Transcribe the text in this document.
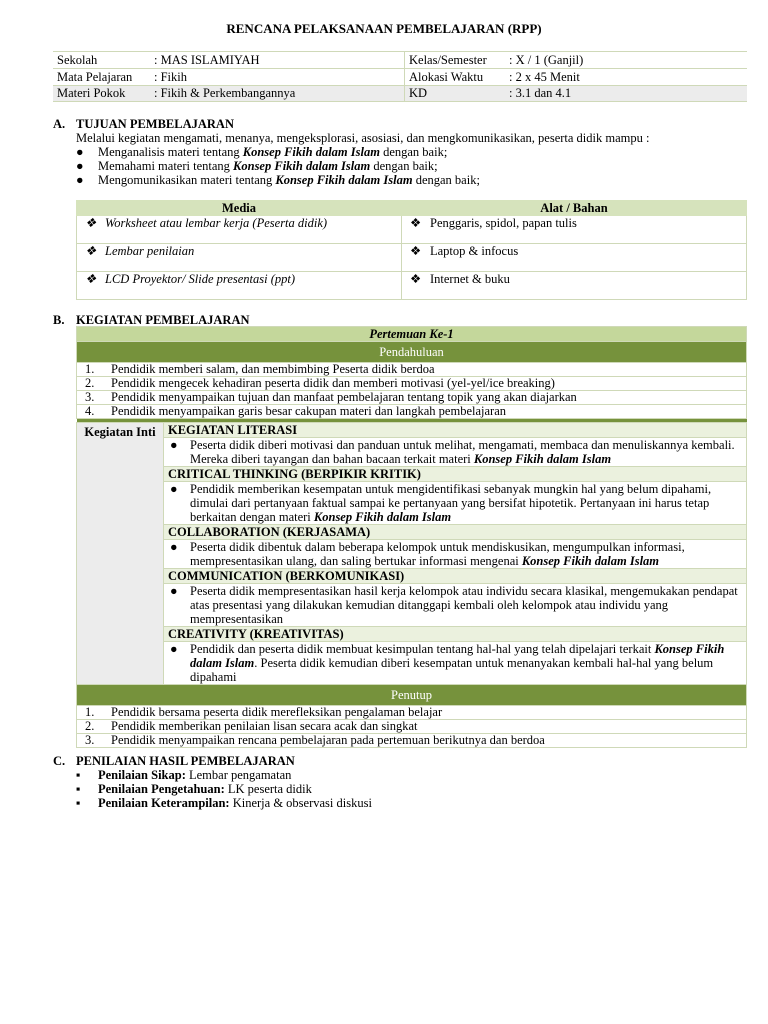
RENCANA PELAKSANAAN PEMBELAJARAN (RPP)
Sekolah	: MAS ISLAMIYAH	Kelas/Semester	: X / 1 (Ganjil)
Mata Pelajaran	: Fikih	Alokasi Waktu	: 2 x 45 Menit
Materi Pokok	: Fikih & Perkembangannya	KD	: 3.1 dan 4.1
A. TUJUAN PEMBELAJARAN
Melalui kegiatan mengamati, menanya, mengeksplorasi, asosiasi, dan mengkomunikasikan, peserta didik mampu :
● Menganalisis materi tentang Konsep Fikih dalam Islam dengan baik;
● Memahami materi tentang Konsep Fikih dalam Islam dengan baik;
● Mengomunikasikan materi tentang Konsep Fikih dalam Islam dengan baik;
Media	Alat / Bahan
❖ Worksheet atau lembar kerja (Peserta didik)	❖ Penggaris, spidol, papan tulis
❖ Lembar penilaian	❖ Laptop & infocus
❖ LCD Proyektor/ Slide presentasi (ppt)	❖ Internet & buku
B. KEGIATAN PEMBELAJARAN
Pertemuan Ke-1
Pendahuluan
1. Pendidik memberi salam, dan membimbing Peserta didik berdoa
2. Pendidik mengecek kehadiran peserta didik dan memberi motivasi (yel-yel/ice breaking)
3. Pendidik menyampaikan tujuan dan manfaat pembelajaran tentang topik yang akan diajarkan
4. Pendidik menyampaikan garis besar cakupan materi dan langkah pembelajaran

Kegiatan Inti	KEGIATAN LITERASI

● Peserta didik diberi motivasi dan panduan untuk melihat, mengamati, membaca dan menuliskannya kembali. Mereka diberi tayangan dan bahan bacaan terkait materi Konsep Fikih dalam Islam
CRITICAL THINKING (BERPIKIR KRITIK)

● Pendidik memberikan kesempatan untuk mengidentifikasi sebanyak mungkin hal yang belum dipahami, dimulai dari pertanyaan faktual sampai ke pertanyaan yang bersifat hipotetik. Pertanyaan ini harus tetap berkaitan dengan materi Konsep Fikih dalam Islam
COLLABORATION (KERJASAMA)

● Peserta didik dibentuk dalam beberapa kelompok untuk mendiskusikan, mengumpulkan informasi, mempresentasikan ulang, dan saling bertukar informasi mengenai Konsep Fikih dalam Islam
COMMUNICATION (BERKOMUNIKASI)

● Peserta didik mempresentasikan hasil kerja kelompok atau individu secara klasikal, mengemukakan pendapat atas presentasi yang dilakukan kemudian ditanggapi kembali oleh kelompok atau individu yang mempresentasikan
CREATIVITY (KREATIVITAS)

● Pendidik dan peserta didik membuat kesimpulan tentang hal-hal yang telah dipelajari terkait Konsep Fikih dalam Islam. Peserta didik kemudian diberi kesempatan untuk menanyakan kembali hal-hal yang belum dipahami
Penutup
1. Pendidik bersama peserta didik merefleksikan pengalaman belajar
2. Pendidik memberikan penilaian lisan secara acak dan singkat
3. Pendidik menyampaikan rencana pembelajaran pada pertemuan berikutnya dan berdoa
C. PENILAIAN HASIL PEMBELAJARAN
▪ Penilaian Sikap: Lembar pengamatan
▪ Penilaian Pengetahuan: LK peserta didik
▪ Penilaian Keterampilan: Kinerja & observasi diskusi
